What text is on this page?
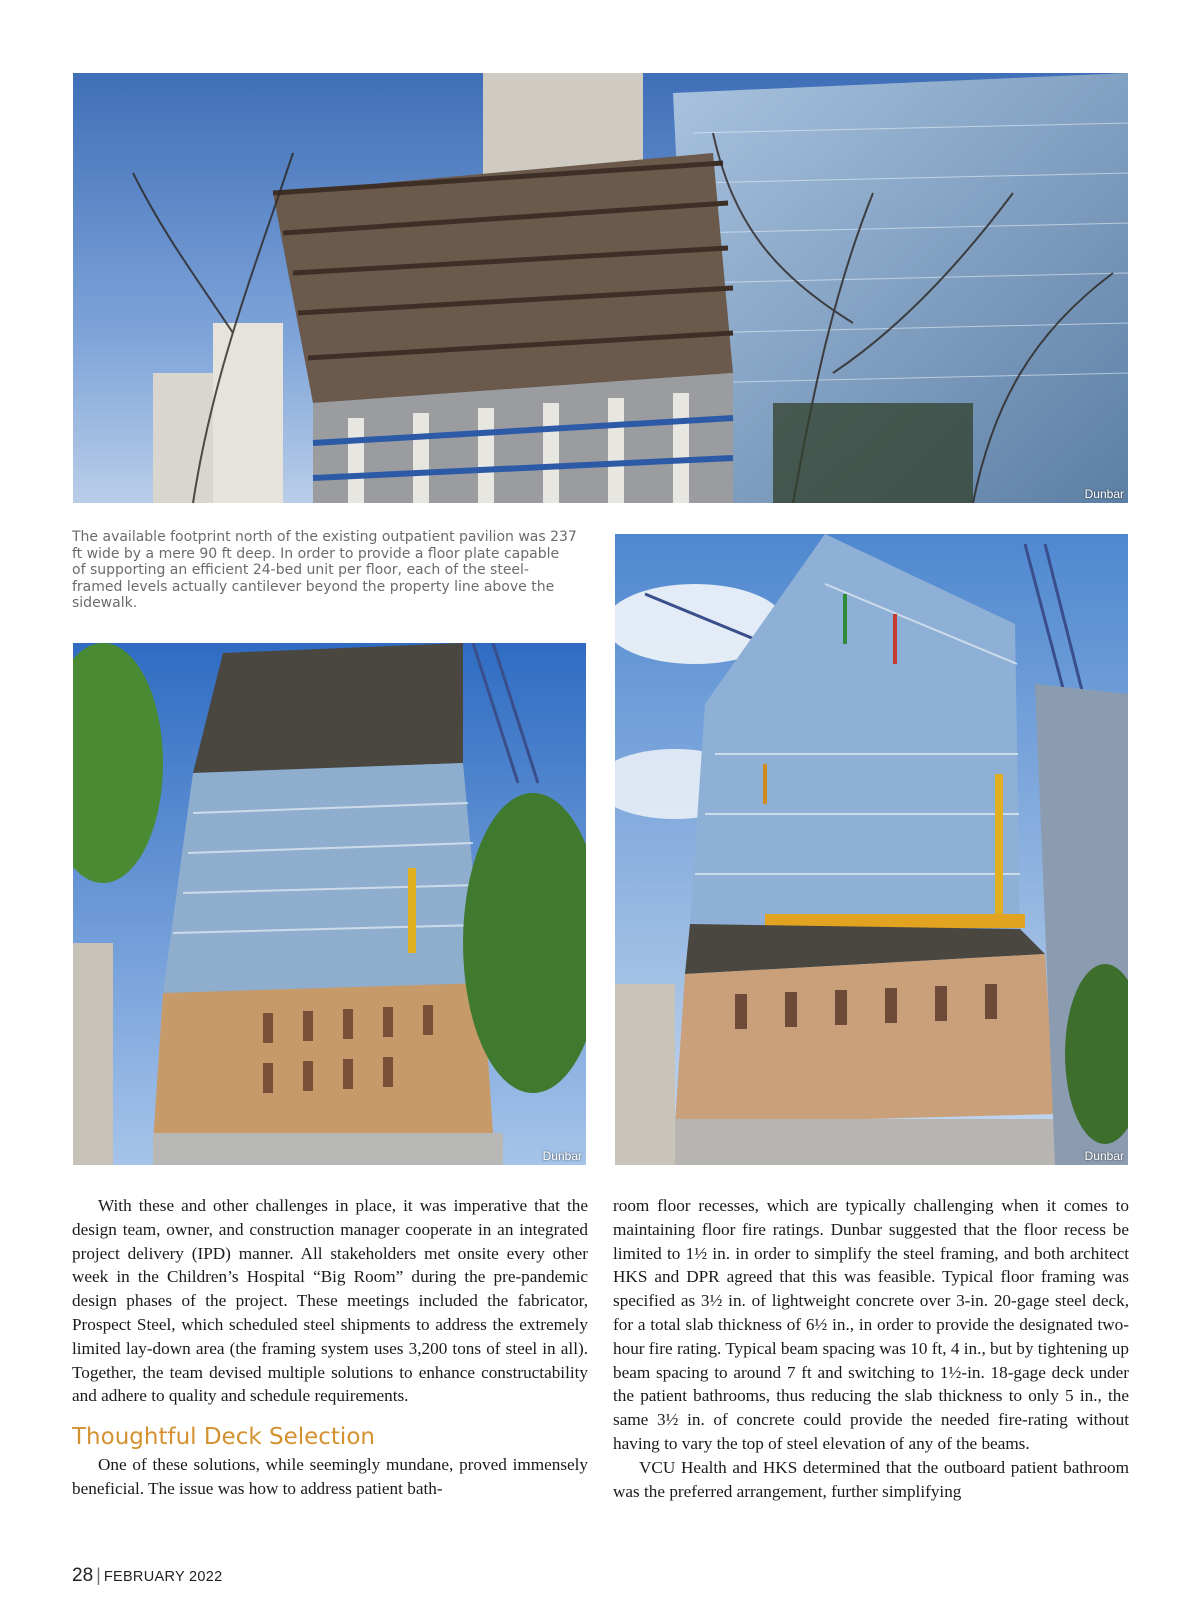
Dunbar

The available footprint north of the existing outpatient pavilion was 237 ft wide by a mere 90 ft deep. In order to provide a floor plate capable of supporting an efficient 24-bed unit per floor, each of the steel-framed levels actually cantilever beyond the property line above the sidewalk.

Dunbar	Dunbar

With these and other challenges in place, it was imperative that the design team, owner, and construction manager cooperate in an integrated project delivery (IPD) manner. All stakeholders met onsite every other week in the Children’s Hospital “Big Room” during the pre-pandemic design phases of the project. These meetings included the fabricator, Prospect Steel, which scheduled steel shipments to address the extremely limited lay-down area (the framing system uses 3,200 tons of steel in all). Together, the team devised multiple solutions to enhance constructability and adhere to quality and schedule requirements.

Thoughtful Deck Selection

One of these solutions, while seemingly mundane, proved immensely beneficial. The issue was how to address patient bath-

room floor recesses, which are typically challenging when it comes to maintaining floor fire ratings. Dunbar suggested that the floor recess be limited to 1½ in. in order to simplify the steel framing, and both architect HKS and DPR agreed that this was feasible. Typical floor framing was specified as 3½ in. of lightweight concrete over 3-in. 20-gage steel deck, for a total slab thickness of 6½ in., in order to provide the designated two-hour fire rating. Typical beam spacing was 10 ft, 4 in., but by tightening up beam spacing to around 7 ft and switching to 1½-in. 18-gage deck under the patient bathrooms, thus reducing the slab thickness to only 5 in., the same 3½ in. of concrete could provide the needed fire-rating without having to vary the top of steel elevation of any of the beams.

VCU Health and HKS determined that the outboard patient bathroom was the preferred arrangement, further simplifying

28 | FEBRUARY 2022
